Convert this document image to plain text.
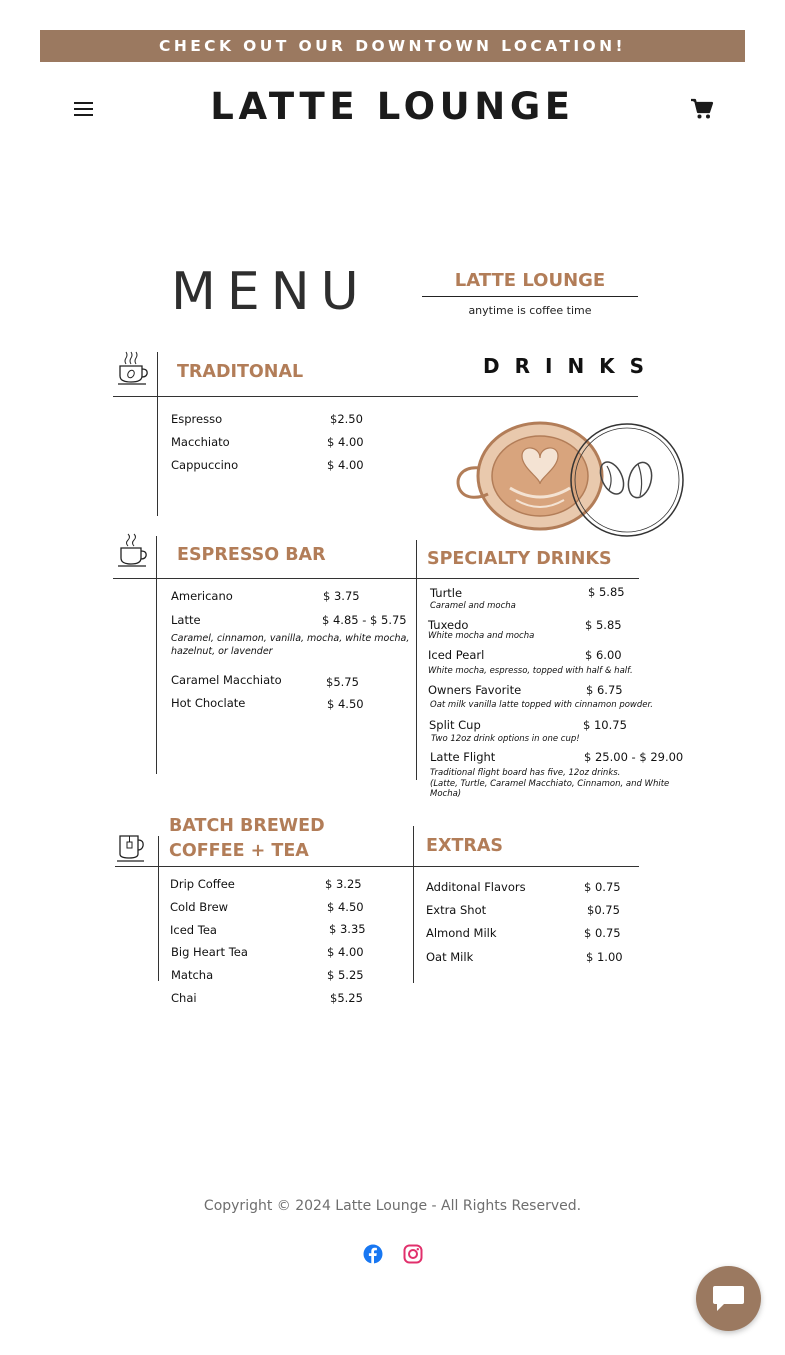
CHECK OUT OUR DOWNTOWN LOCATION!
LATTE LOUNGE
MENU	LATTE LOUNGE
anytime is coffee time
DRINKS
TRADITONAL
Espresso	$2.50
Macchiato	$ 4.00
Cappuccino	$ 4.00
ESPRESSO BAR
Americano	$ 3.75
Latte	$ 4.85 - $ 5.75
Caramel, cinnamon, vanilla, mocha, white mocha,
hazelnut, or lavender
Caramel Macchiato	$5.75
Hot Choclate	$ 4.50
SPECIALTY DRINKS
Turtle	$ 5.85
Caramel and mocha
Tuxedo	$ 5.85
White mocha and mocha
Iced Pearl	$ 6.00
White mocha, espresso, topped with half & half.
Owners Favorite	$ 6.75
Oat milk vanilla latte topped with cinnamon powder.
Split Cup	$ 10.75
Two 12oz drink options in one cup!
Latte Flight	$ 25.00 - $ 29.00
Traditional flight board has five, 12oz drinks.
(Latte, Turtle, Caramel Macchiato, Cinnamon, and White
Mocha)
BATCH BREWED
COFFEE + TEA
Drip Coffee	$ 3.25
Cold Brew	$ 4.50
Iced Tea	$ 3.35
Big Heart Tea	$ 4.00
Matcha	$ 5.25
Chai	$5.25
EXTRAS
Additonal Flavors	$ 0.75
Extra Shot	$0.75
Almond Milk	$ 0.75
Oat Milk	$ 1.00
Copyright © 2024 Latte Lounge - All Rights Reserved.
